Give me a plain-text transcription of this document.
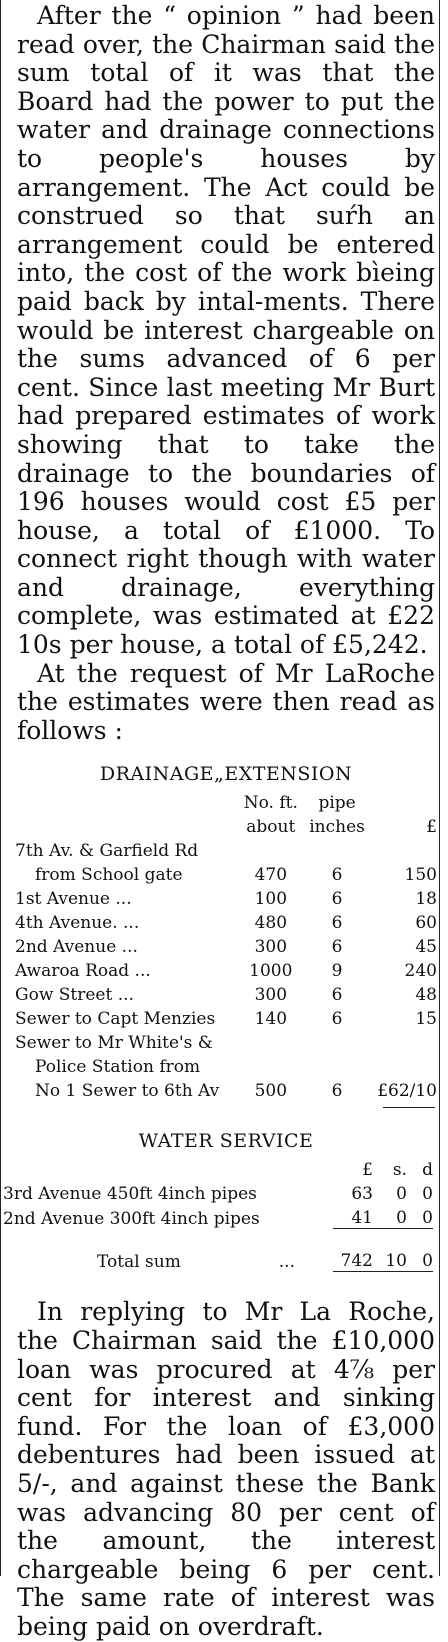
After the “ opinion ” had been read over, the Chairman said the sum total of it was that the Board had the power to put the water and drainage connections to people's houses by arrangement. The Act could be construed so that suŕh an arrangement could be entered into, the cost of the work bìeing paid back by intal-ments. There would be interest chargeable on the sums advanced of 6 per cent. Since last meeting Mr Burt had prepared estimates of work showing that to take the drainage to the boundaries of 196 houses would cost £5 per house, a total of £1000. To connect right though with water and drainage, everything complete, was estimated at £22 10s per house, a total of £5,242.

At the request of Mr LaRoche the estimates were then read as follows :

DRAINAGE„EXTENSION
	No. ft.	pipe	
	about	inches	£
7th Av. & Garfield Rd			
from School gate	470	6	150
1st Avenue ...	100	6	18
4th Avenue. ...	480	6	60
2nd Avenue ...	300	6	45
Awaroa Road ...	1000	9	240
Gow Street ...	300	6	48
Sewer to Capt Menzies	140	6	15
Sewer to Mr White's &			
Police Station from			
No 1 Sewer to 6th Av	500	6	£62/10
WATER SERVICE
	£	s.	d
3rd Avenue 450ft 4inch pipes	63	0	0
2nd Avenue 300ft 4inch pipes	41	0	0

Total sum ...	742	10	0

In replying to Mr La Roche, the Chairman said the £10,000 loan was procured at 4⅞ per cent for interest and sinking fund. For the loan of £3,000 debentures had been issued at 5/-, and against these the Bank was advancing 80 per cent of the amount, the interest chargeable being 6 per cent. The same rate of interest was being paid on overdraft.
